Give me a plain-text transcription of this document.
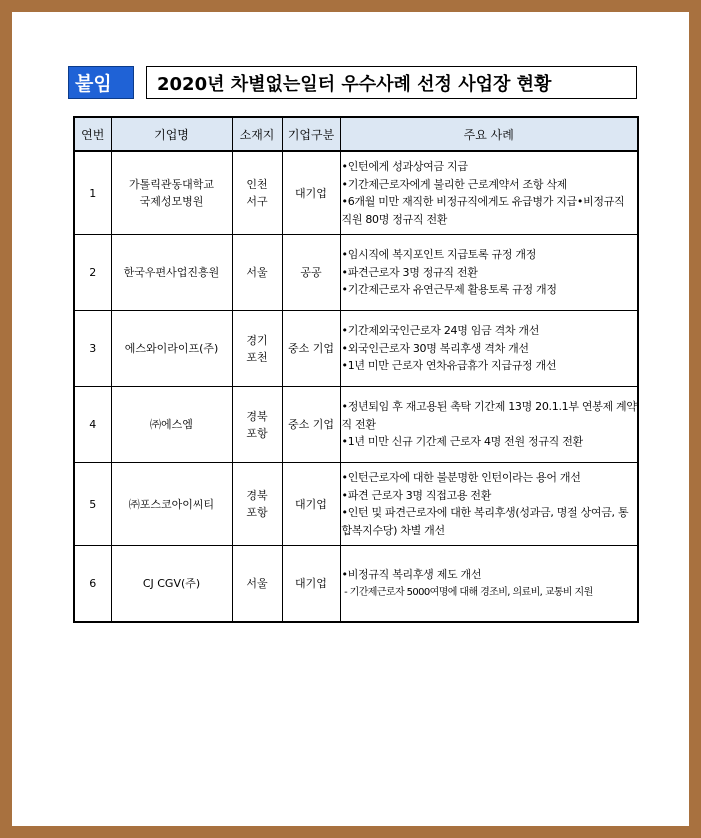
붙임	2020년 차별없는일터 우수사례 선정 사업장 현황
연번	기업명	소재지	기업구분	주요 사례
1	가톨릭관동대학교 국제성모병원	인천 서구	대기업	•인턴에게 성과상여금 지급
•기간제근로자에게 불리한 근로계약서 조항 삭제
•6개월 미만 재직한 비정규직에게도 유급병가 지급•비정규직 직원 80명 정규직 전환

2	한국우편사업진흥원	서울	공공	•임시직에 복지포인트 지급토록 규정 개정
•파견근로자 3명 정규직 전환
•기간제근로자 유연근무제 활용토록 규정 개정

3	에스와이라이프(주)	경기 포천	중소 기업	•기간제외국인근로자 24명 임금 격차 개선
•외국인근로자 30명 복리후생 격차 개선
•1년 미만 근로자 연차유급휴가 지급규정 개선

4	㈜에스엠	경북 포항	중소 기업	•정년퇴임 후 재고용된 촉탁 기간제 13명 20.1.1부 연봉제 계약직 전환
•1년 미만 신규 기간제 근로자 4명 전원 정규직 전환

5	㈜포스코아이씨티	경북 포항	대기업	•인턴근로자에 대한 불분명한 인턴이라는 용어 개선
•파견 근로자 3명 직접고용 전환
•인턴 및 파견근로자에 대한 복리후생(성과금, 명절 상여금, 통합복지수당) 차별 개선

6	CJ CGV(주)	서울	대기업	•비정규직 복리후생 제도 개선
- 기간제근로자 5000여명에 대해 경조비, 의료비, 교통비 지원
